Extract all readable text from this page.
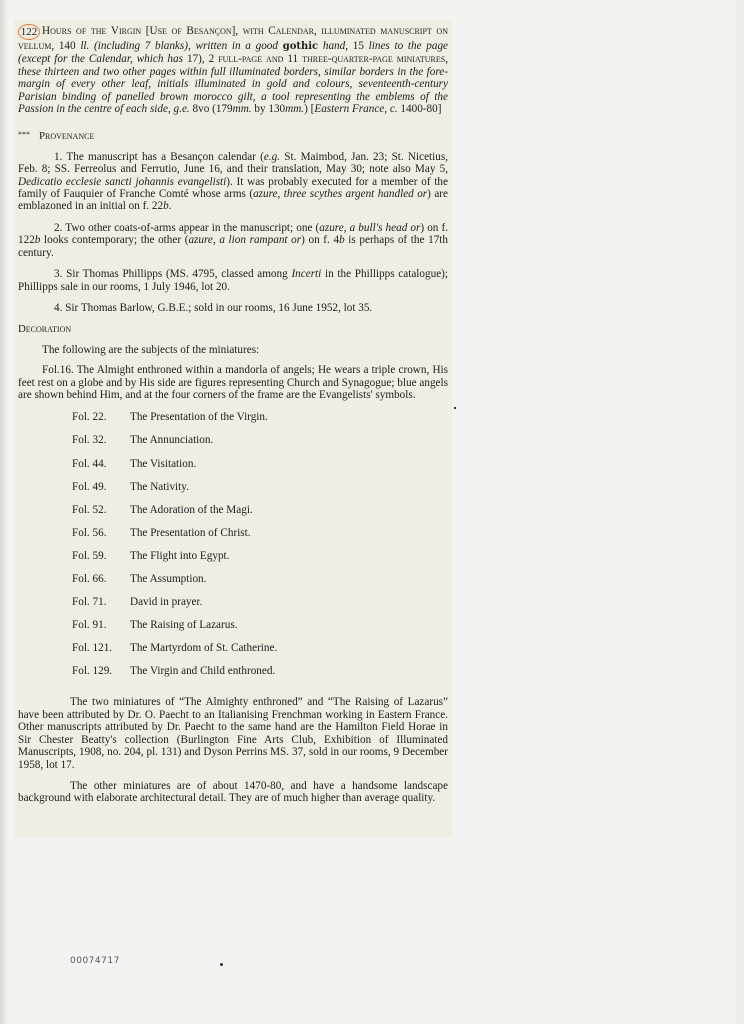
122 Hours of the Virgin [Use of Besançon], with Calendar, illuminated manuscript on vellum, 140 ll. (including 7 blanks), written in a good gothic hand, 15 lines to the page (except for the Calendar, which has 17), 2 full-page and 11 three-quarter-page miniatures, these thirteen and two other pages within full illuminated borders, similar borders in the fore-margin of every other leaf, initials illuminated in gold and colours, seventeenth-century Parisian binding of panelled brown morocco gilt, a tool representing the emblems of the Passion in the centre of each side, g.e. 8vo (179mm. by 130mm.) [Eastern France, c. 1400-80]

* * * Provenance

1. The manuscript has a Besançon calendar (e.g. St. Maimbod, Jan. 23; St. Nicetius, Feb. 8; SS. Ferreolus and Ferrutio, June 16, and their translation, May 30; note also May 5, Dedicatio ecclesie sancti johannis evangelisti). It was probably executed for a member of the family of Fauquier of Franche Comté whose arms (azure, three scythes argent handled or) are emblazoned in an initial on f. 22b.

2. Two other coats-of-arms appear in the manuscript; one (azure, a bull's head or) on f. 122b looks contemporary; the other (azure, a lion rampant or) on f. 4b is perhaps of the 17th century.

3. Sir Thomas Phillipps (MS. 4795, classed among Incerti in the Phillipps catalogue); Phillipps sale in our rooms, 1 July 1946, lot 20.

4. Sir Thomas Barlow, G.B.E.; sold in our rooms, 16 June 1952, lot 35.

Decoration

The following are the subjects of the miniatures:

Fol.16. The Almight enthroned within a mandorla of angels; He wears a triple crown, His feet rest on a globe and by His side are figures representing Church and Synagogue; blue angels are shown behind Him, and at the four corners of the frame are the Evangelists' symbols.

Fol. 22.	The Presentation of the Virgin.
Fol. 32.	The Annunciation.
Fol. 44.	The Visitation.
Fol. 49.	The Nativity.
Fol. 52.	The Adoration of the Magi.
Fol. 56.	The Presentation of Christ.
Fol. 59.	The Flight into Egypt.
Fol. 66.	The Assumption.
Fol. 71.	David in prayer.
Fol. 91.	The Raising of Lazarus.
Fol. 121.	The Martyrdom of St. Catherine.
Fol. 129.	The Virgin and Child enthroned.

The two miniatures of “The Almighty enthroned” and “The Raising of Lazarus” have been attributed by Dr. O. Paecht to an Italianising Frenchman working in Eastern France. Other manuscripts attributed by Dr. Paecht to the same hand are the Hamilton Field Horae in Sir Chester Beatty's collection (Burlington Fine Arts Club, Exhibition of Illuminated Manuscripts, 1908, no. 204, pl. 131) and Dyson Perrins MS. 37, sold in our rooms, 9 December 1958, lot 17.

The other miniatures are of about 1470-80, and have a handsome landscape background with elaborate architectural detail. They are of much higher than average quality.

00074717
